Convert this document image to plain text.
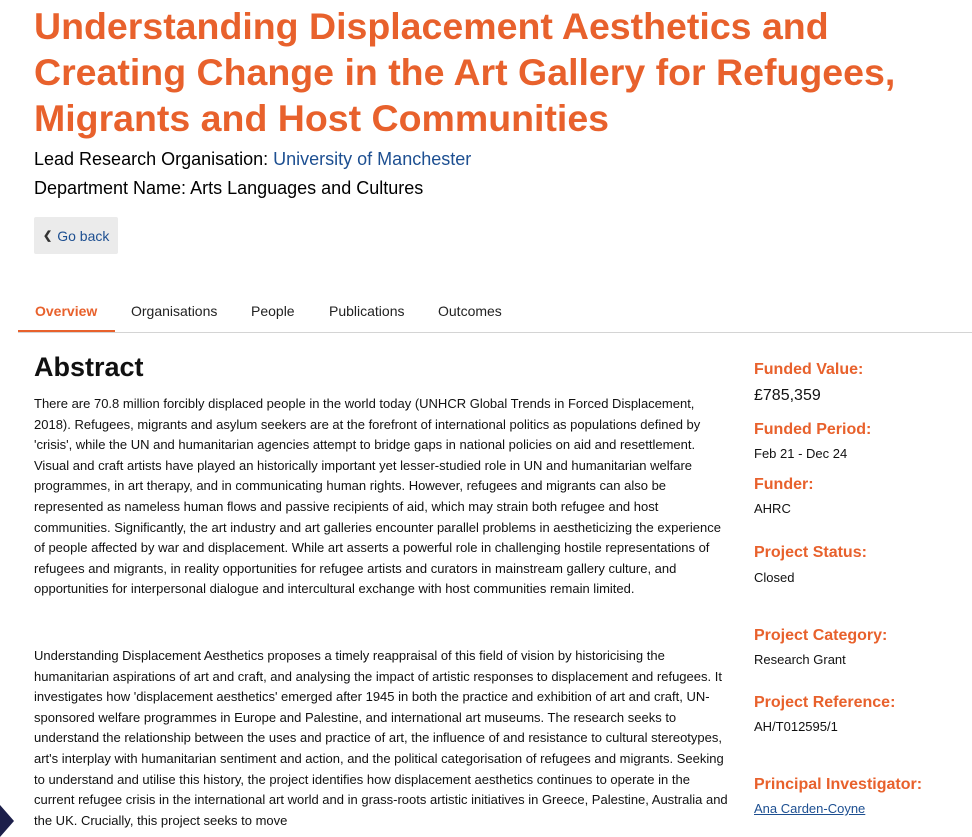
Understanding Displacement Aesthetics and Creating Change in the Art Gallery for Refugees, Migrants and Host Communities
Lead Research Organisation: University of Manchester
Department Name: Arts Languages and Cultures
❮ Go back
Overview Organisations People Publications Outcomes
Abstract

There are 70.8 million forcibly displaced people in the world today (UNHCR Global Trends in Forced Displacement, 2018). Refugees, migrants and asylum seekers are at the forefront of international politics as populations defined by 'crisis', while the UN and humanitarian agencies attempt to bridge gaps in national policies on aid and resettlement. Visual and craft artists have played an historically important yet lesser-studied role in UN and humanitarian welfare programmes, in art therapy, and in communicating human rights. However, refugees and migrants can also be represented as nameless human flows and passive recipients of aid, which may strain both refugee and host communities. Significantly, the art industry and art galleries encounter parallel problems in aestheticizing the experience of people affected by war and displacement. While art asserts a powerful role in challenging hostile representations of refugees and migrants, in reality opportunities for refugee artists and curators in mainstream gallery culture, and opportunities for interpersonal dialogue and intercultural exchange with host communities remain limited.

Understanding Displacement Aesthetics proposes a timely reappraisal of this field of vision by historicising the humanitarian aspirations of art and craft, and analysing the impact of artistic responses to displacement and refugees. It investigates how 'displacement aesthetics' emerged after 1945 in both the practice and exhibition of art and craft, UN-sponsored welfare programmes in Europe and Palestine, and international art museums. The research seeks to understand the relationship between the uses and practice of art, the influence of and resistance to cultural stereotypes, art's interplay with humanitarian sentiment and action, and the political categorisation of refugees and migrants. Seeking to understand and utilise this history, the project identifies how displacement aesthetics continues to operate in the current refugee crisis in the international art world and in grass-roots artistic initiatives in Greece, Palestine, Australia and the UK. Crucially, this project seeks to move

Funded Value:
£785,359
Funded Period:
Feb 21 - Dec 24
Funder:
AHRC
Project Status:
Closed
Project Category:
Research Grant
Project Reference:
AH/T012595/1
Principal Investigator:
Ana Carden-Coyne
